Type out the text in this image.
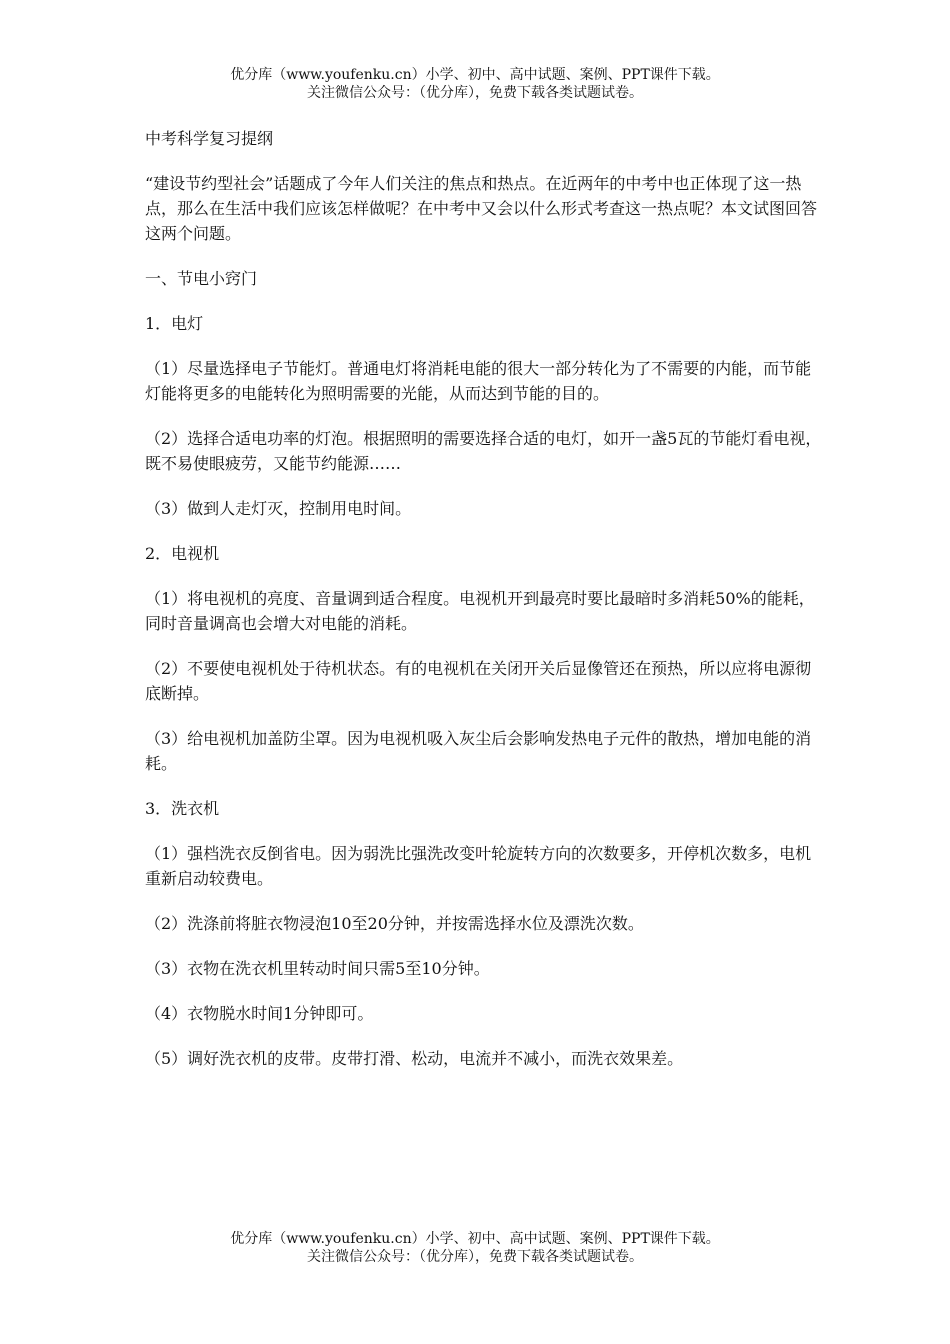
优分库（www.youfenku.cn）小学、初中、高中试题、案例、PPT课件下载。
关注微信公众号：（优分库），免费下载各类试题试卷。

中考科学复习提纲

“建设节约型社会”话题成了今年人们关注的焦点和热点。在近两年的中考中也正体现了这一热点，那么在生活中我们应该怎样做呢？在中考中又会以什么形式考查这一热点呢？本文试图回答这两个问题。

一、节电小窍门

1．电灯

（1）尽量选择电子节能灯。普通电灯将消耗电能的很大一部分转化为了不需要的内能，而节能灯能将更多的电能转化为照明需要的光能，从而达到节能的目的。

（2）选择合适电功率的灯泡。根据照明的需要选择合适的电灯，如开一盏5瓦的节能灯看电视，既不易使眼疲劳，又能节约能源……

（3）做到人走灯灭，控制用电时间。

2．电视机

（1）将电视机的亮度、音量调到适合程度。电视机开到最亮时要比最暗时多消耗50%的能耗，同时音量调高也会增大对电能的消耗。

（2）不要使电视机处于待机状态。有的电视机在关闭开关后显像管还在预热，所以应将电源彻底断掉。

（3）给电视机加盖防尘罩。因为电视机吸入灰尘后会影响发热电子元件的散热，增加电能的消耗。

3．洗衣机

（1）强档洗衣反倒省电。因为弱洗比强洗改变叶轮旋转方向的次数要多，开停机次数多，电机重新启动较费电。

（2）洗涤前将脏衣物浸泡10至20分钟，并按需选择水位及漂洗次数。

（3）衣物在洗衣机里转动时间只需5至10分钟。

（4）衣物脱水时间1分钟即可。

（5）调好洗衣机的皮带。皮带打滑、松动，电流并不减小，而洗衣效果差。

优分库（www.youfenku.cn）小学、初中、高中试题、案例、PPT课件下载。
关注微信公众号：（优分库），免费下载各类试题试卷。
